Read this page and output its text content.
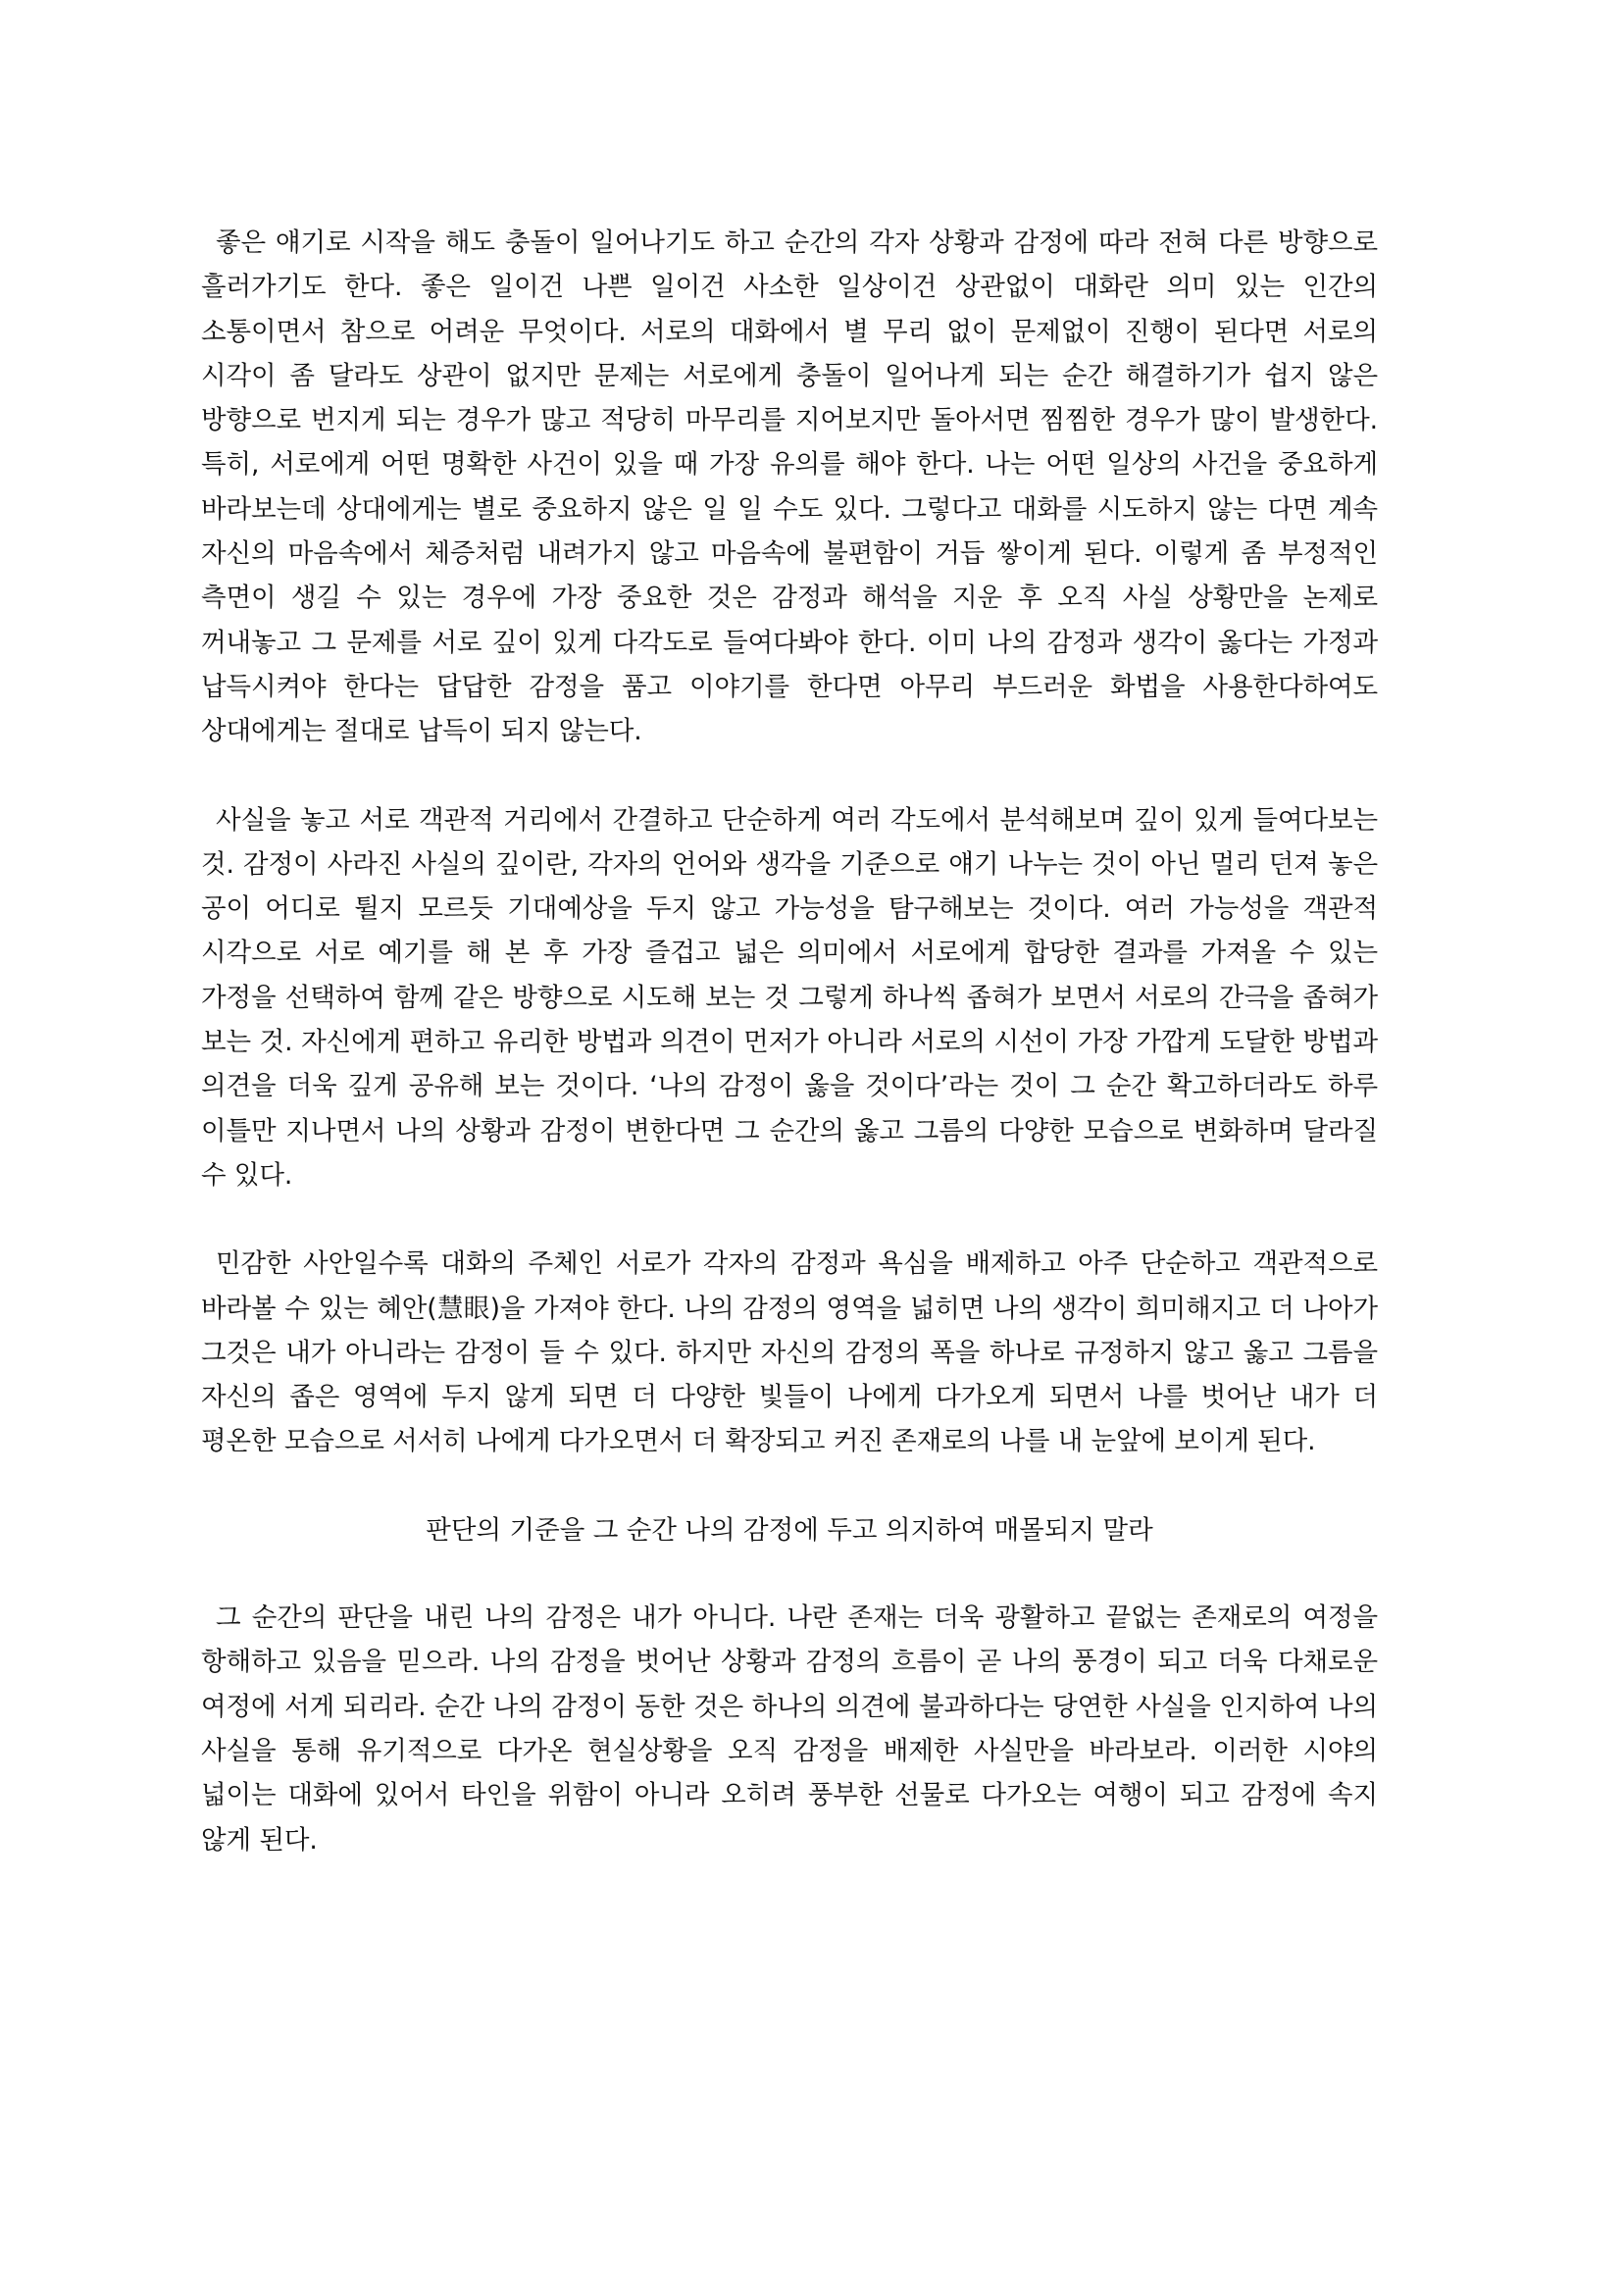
좋은 얘기로 시작을 해도 충돌이 일어나기도 하고 순간의 각자 상황과 감정에 따라 전혀 다른 방향으로 흘러가기도 한다. 좋은 일이건 나쁜 일이건 사소한 일상이건 상관없이 대화란 의미 있는 인간의 소통이면서 참으로 어려운 무엇이다. 서로의 대화에서 별 무리 없이 문제없이 진행이 된다면 서로의 시각이 좀 달라도 상관이 없지만 문제는 서로에게 충돌이 일어나게 되는 순간 해결하기가 쉽지 않은 방향으로 번지게 되는 경우가 많고 적당히 마무리를 지어보지만 돌아서면 찜찜한 경우가 많이 발생한다. 특히, 서로에게 어떤 명확한 사건이 있을 때 가장 유의를 해야 한다. 나는 어떤 일상의 사건을 중요하게 바라보는데 상대에게는 별로 중요하지 않은 일 일 수도 있다. 그렇다고 대화를 시도하지 않는 다면 계속 자신의 마음속에서 체증처럼 내려가지 않고 마음속에 불편함이 거듭 쌓이게 된다. 이렇게 좀 부정적인 측면이 생길 수 있는 경우에 가장 중요한 것은 감정과 해석을 지운 후 오직 사실 상황만을 논제로 꺼내놓고 그 문제를 서로 깊이 있게 다각도로 들여다봐야 한다. 이미 나의 감정과 생각이 옳다는 가정과 납득시켜야 한다는 답답한 감정을 품고 이야기를 한다면 아무리 부드러운 화법을 사용한다하여도 상대에게는 절대로 납득이 되지 않는다.

사실을 놓고 서로 객관적 거리에서 간결하고 단순하게 여러 각도에서 분석해보며 깊이 있게 들여다보는 것. 감정이 사라진 사실의 깊이란, 각자의 언어와 생각을 기준으로 얘기 나누는 것이 아닌 멀리 던져 놓은 공이 어디로 튈지 모르듯 기대예상을 두지 않고 가능성을 탐구해보는 것이다. 여러 가능성을 객관적 시각으로 서로 예기를 해 본 후 가장 즐겁고 넓은 의미에서 서로에게 합당한 결과를 가져올 수 있는 가정을 선택하여 함께 같은 방향으로 시도해 보는 것 그렇게 하나씩 좁혀가 보면서 서로의 간극을 좁혀가 보는 것. 자신에게 편하고 유리한 방법과 의견이 먼저가 아니라 서로의 시선이 가장 가깝게 도달한 방법과 의견을 더욱 깊게 공유해 보는 것이다. ‘나의 감정이 옳을 것이다’라는 것이 그 순간 확고하더라도 하루 이틀만 지나면서 나의 상황과 감정이 변한다면 그 순간의 옳고 그름의 다양한 모습으로 변화하며 달라질 수 있다.

민감한 사안일수록 대화의 주체인 서로가 각자의 감정과 욕심을 배제하고 아주 단순하고 객관적으로 바라볼 수 있는 혜안(慧眼)을 가져야 한다. 나의 감정의 영역을 넓히면 나의 생각이 희미해지고 더 나아가 그것은 내가 아니라는 감정이 들 수 있다. 하지만 자신의 감정의 폭을 하나로 규정하지 않고 옳고 그름을 자신의 좁은 영역에 두지 않게 되면 더 다양한 빛들이 나에게 다가오게 되면서 나를 벗어난 내가 더 평온한 모습으로 서서히 나에게 다가오면서 더 확장되고 커진 존재로의 나를 내 눈앞에 보이게 된다.

판단의 기준을 그 순간 나의 감정에 두고 의지하여 매몰되지 말라

그 순간의 판단을 내린 나의 감정은 내가 아니다. 나란 존재는 더욱 광활하고 끝없는 존재로의 여정을 항해하고 있음을 믿으라. 나의 감정을 벗어난 상황과 감정의 흐름이 곧 나의 풍경이 되고 더욱 다채로운 여정에 서게 되리라. 순간 나의 감정이 동한 것은 하나의 의견에 불과하다는 당연한 사실을 인지하여 나의 사실을 통해 유기적으로 다가온 현실상황을 오직 감정을 배제한 사실만을 바라보라. 이러한 시야의 넓이는 대화에 있어서 타인을 위함이 아니라 오히려 풍부한 선물로 다가오는 여행이 되고 감정에 속지 않게 된다.
